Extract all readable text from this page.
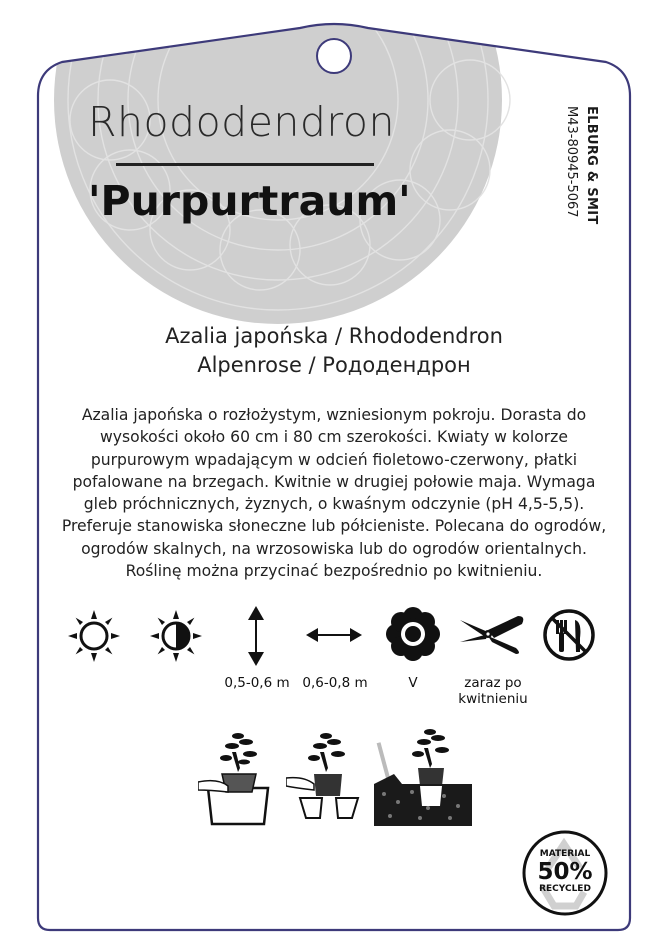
Rhododendron
'Purpurtraum'	ELBURG & SMIT
M43-80945-5067
Azalia japońska / Rhododendron
Alpenrose / Рододендрон
Azalia japońska o rozłożystym, wzniesionym pokroju. Dorasta do wysokości około 60 cm i 80 cm szerokości. Kwiaty w kolorze purpurowym wpadającym w odcień fioletowo-czerwony, płatki pofalowane na brzegach. Kwitnie w drugiej połowie maja. Wymaga gleb próchnicznych, żyznych, o kwaśnym odczynie (pH 4,5-5,5). Preferuje stanowiska słoneczne lub półcieniste. Polecana do ogrodów, ogrodów skalnych, na wrzosowiska lub do ogrodów orientalnych. Roślinę można przycinać bezpośrednio po kwitnieniu.
0,5-0,6 m 0,6-0,8 m	V	zaraz po
kwitnieniu
MATERIAL
50%
RECYCLED
